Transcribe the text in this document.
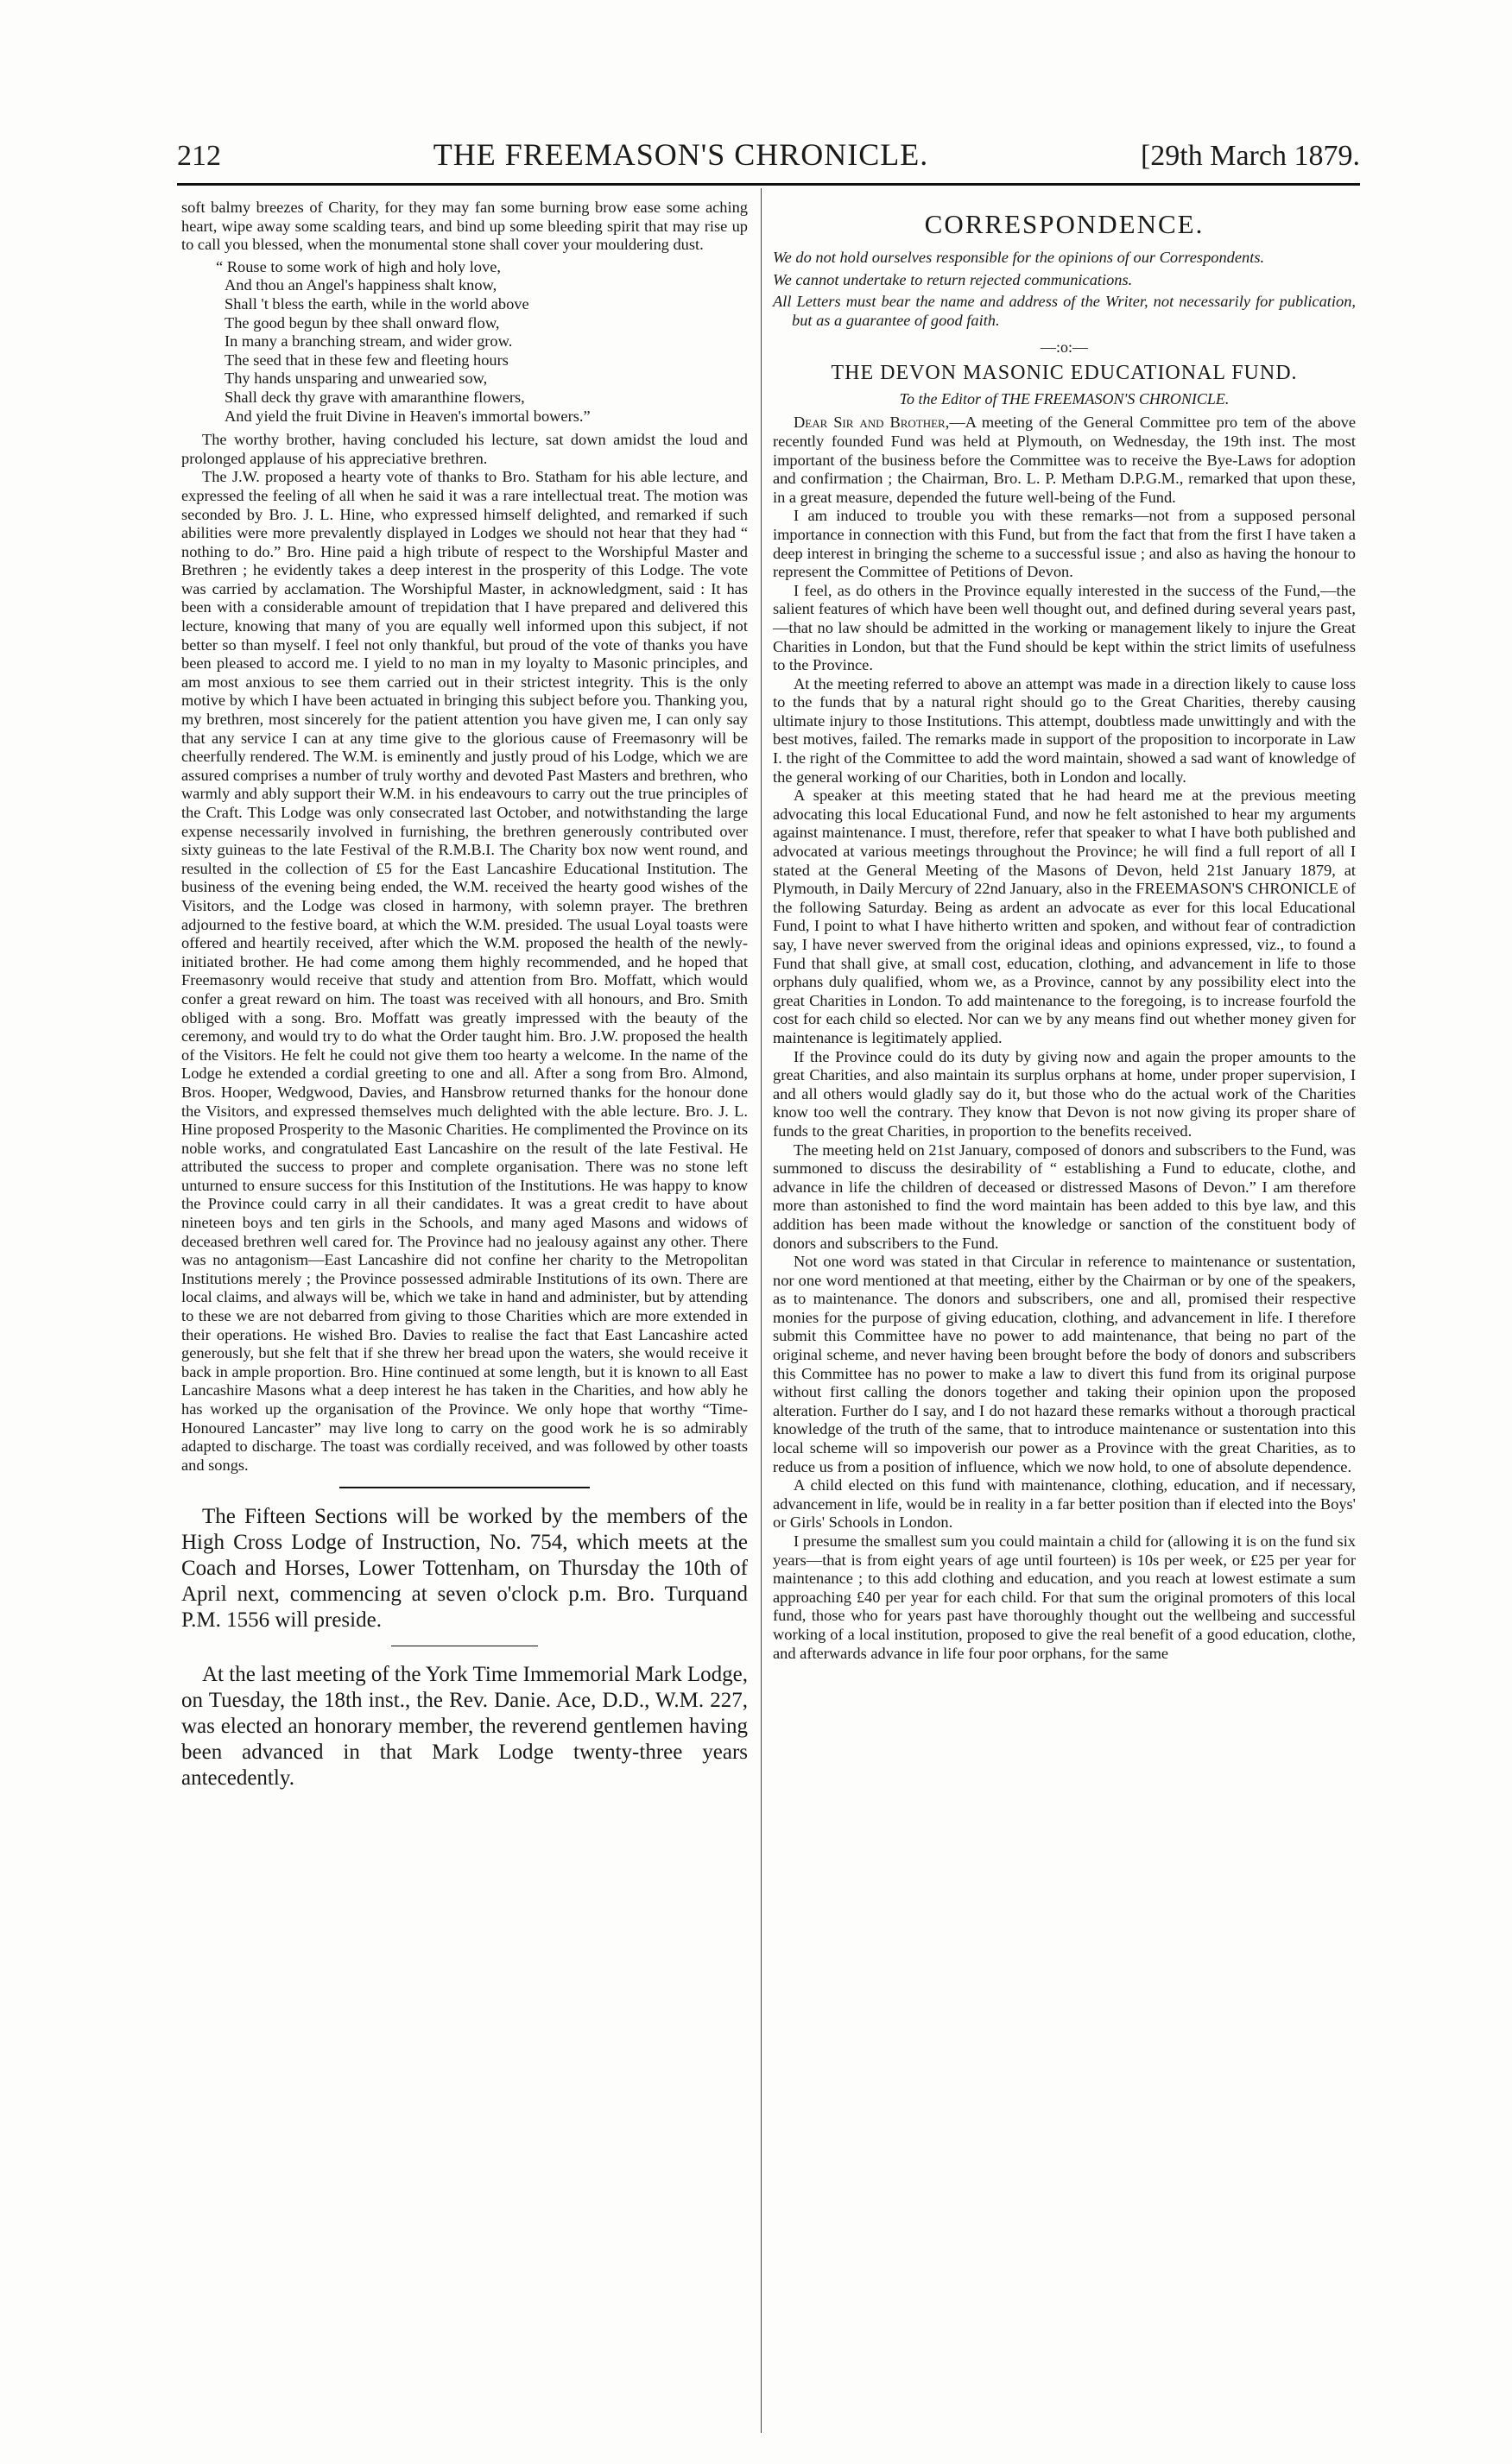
212	THE FREEMASON'S CHRONICLE.	[29th March 1879.

soft balmy breezes of Charity, for they may fan some burning brow ease some aching heart, wipe away some scalding tears, and bind up some bleeding spirit that may rise up to call you blessed, when the monumental stone shall cover your mouldering dust.

“ Rouse to some work of high and holy love,
And thou an Angel's happiness shalt know,
Shall 't bless the earth, while in the world above
The good begun by thee shall onward flow,
In many a branching stream, and wider grow.
The seed that in these few and fleeting hours
Thy hands unsparing and unwearied sow,
Shall deck thy grave with amaranthine flowers,
And yield the fruit Divine in Heaven's immortal bowers.”

The worthy brother, having concluded his lecture, sat down amidst the loud and prolonged applause of his appreciative brethren.

The J.W. proposed a hearty vote of thanks to Bro. Statham for his able lecture, and expressed the feeling of all when he said it was a rare intellectual treat. The motion was seconded by Bro. J. L. Hine, who expressed himself delighted, and remarked if such abilities were more prevalently displayed in Lodges we should not hear that they had “ nothing to do.” Bro. Hine paid a high tribute of respect to the Worshipful Master and Brethren ; he evidently takes a deep interest in the prosperity of this Lodge. The vote was carried by acclamation. The Worshipful Master, in acknowledgment, said : It has been with a considerable amount of trepidation that I have prepared and delivered this lecture, knowing that many of you are equally well informed upon this subject, if not better so than myself. I feel not only thankful, but proud of the vote of thanks you have been pleased to accord me. I yield to no man in my loyalty to Masonic principles, and am most anxious to see them carried out in their strictest integrity. This is the only motive by which I have been actuated in bringing this subject before you. Thanking you, my brethren, most sincerely for the patient attention you have given me, I can only say that any service I can at any time give to the glorious cause of Freemasonry will be cheerfully rendered. The W.M. is eminently and justly proud of his Lodge, which we are assured comprises a number of truly worthy and devoted Past Masters and brethren, who warmly and ably support their W.M. in his endeavours to carry out the true principles of the Craft. This Lodge was only consecrated last October, and notwithstanding the large expense necessarily involved in furnishing, the brethren generously contributed over sixty guineas to the late Festival of the R.M.B.I. The Charity box now went round, and resulted in the collection of £5 for the East Lancashire Educational Institution. The business of the evening being ended, the W.M. received the hearty good wishes of the Visitors, and the Lodge was closed in harmony, with solemn prayer. The brethren adjourned to the festive board, at which the W.M. presided. The usual Loyal toasts were offered and heartily received, after which the W.M. proposed the health of the newly-initiated brother. He had come among them highly recommended, and he hoped that Freemasonry would receive that study and attention from Bro. Moffatt, which would confer a great reward on him. The toast was received with all honours, and Bro. Smith obliged with a song. Bro. Moffatt was greatly impressed with the beauty of the ceremony, and would try to do what the Order taught him. Bro. J.W. proposed the health of the Visitors. He felt he could not give them too hearty a welcome. In the name of the Lodge he extended a cordial greeting to one and all. After a song from Bro. Almond, Bros. Hooper, Wedgwood, Davies, and Hansbrow returned thanks for the honour done the Visitors, and expressed themselves much delighted with the able lecture. Bro. J. L. Hine proposed Prosperity to the Masonic Charities. He complimented the Province on its noble works, and congratulated East Lancashire on the result of the late Festival. He attributed the success to proper and complete organisation. There was no stone left unturned to ensure success for this Institution of the Institutions. He was happy to know the Province could carry in all their candidates. It was a great credit to have about nineteen boys and ten girls in the Schools, and many aged Masons and widows of deceased brethren well cared for. The Province had no jealousy against any other. There was no antagonism—East Lancashire did not confine her charity to the Metropolitan Institutions merely ; the Province possessed admirable Institutions of its own. There are local claims, and always will be, which we take in hand and administer, but by attending to these we are not debarred from giving to those Charities which are more extended in their operations. He wished Bro. Davies to realise the fact that East Lancashire acted generously, but she felt that if she threw her bread upon the waters, she would receive it back in ample proportion. Bro. Hine continued at some length, but it is known to all East Lancashire Masons what a deep interest he has taken in the Charities, and how ably he has worked up the organisation of the Province. We only hope that worthy “Time-Honoured Lancaster” may live long to carry on the good work he is so admirably adapted to discharge. The toast was cordially received, and was followed by other toasts and songs.

The Fifteen Sections will be worked by the members of the High Cross Lodge of Instruction, No. 754, which meets at the Coach and Horses, Lower Tottenham, on Thursday the 10th of April next, commencing at seven o'clock p.m. Bro. Turquand P.M. 1556 will preside.

At the last meeting of the York Time Immemorial Mark Lodge, on Tuesday, the 18th inst., the Rev. Danie. Ace, D.D., W.M. 227, was elected an honorary member, the reverend gentlemen having been advanced in that Mark Lodge twenty-three years antecedently.

CORRESPONDENCE.

We do not hold ourselves responsible for the opinions of our Correspondents.

We cannot undertake to return rejected communications.

All Letters must bear the name and address of the Writer, not necessarily for publication, but as a guarantee of good faith.

—:o:—
THE DEVON MASONIC EDUCATIONAL FUND.
To the Editor of THE FREEMASON'S CHRONICLE.

Dear Sir and Brother,—A meeting of the General Committee pro tem of the above recently founded Fund was held at Plymouth, on Wednesday, the 19th inst. The most important of the business before the Committee was to receive the Bye-Laws for adoption and confirmation ; the Chairman, Bro. L. P. Metham D.P.G.M., remarked that upon these, in a great measure, depended the future well-being of the Fund.

I am induced to trouble you with these remarks—not from a supposed personal importance in connection with this Fund, but from the fact that from the first I have taken a deep interest in bringing the scheme to a successful issue ; and also as having the honour to represent the Committee of Petitions of Devon.

I feel, as do others in the Province equally interested in the success of the Fund,—the salient features of which have been well thought out, and defined during several years past,—that no law should be admitted in the working or management likely to injure the Great Charities in London, but that the Fund should be kept within the strict limits of usefulness to the Province.

At the meeting referred to above an attempt was made in a direction likely to cause loss to the funds that by a natural right should go to the Great Charities, thereby causing ultimate injury to those Institutions. This attempt, doubtless made unwittingly and with the best motives, failed. The remarks made in support of the proposition to incorporate in Law I. the right of the Committee to add the word maintain, showed a sad want of knowledge of the general working of our Charities, both in London and locally.

A speaker at this meeting stated that he had heard me at the previous meeting advocating this local Educational Fund, and now he felt astonished to hear my arguments against maintenance. I must, therefore, refer that speaker to what I have both published and advocated at various meetings throughout the Province; he will find a full report of all I stated at the General Meeting of the Masons of Devon, held 21st January 1879, at Plymouth, in Daily Mercury of 22nd January, also in the FREEMASON'S CHRONICLE of the following Saturday. Being as ardent an advocate as ever for this local Educational Fund, I point to what I have hitherto written and spoken, and without fear of contradiction say, I have never swerved from the original ideas and opinions expressed, viz., to found a Fund that shall give, at small cost, education, clothing, and advancement in life to those orphans duly qualified, whom we, as a Province, cannot by any possibility elect into the great Charities in London. To add maintenance to the foregoing, is to increase fourfold the cost for each child so elected. Nor can we by any means find out whether money given for maintenance is legitimately applied.

If the Province could do its duty by giving now and again the proper amounts to the great Charities, and also maintain its surplus orphans at home, under proper supervision, I and all others would gladly say do it, but those who do the actual work of the Charities know too well the contrary. They know that Devon is not now giving its proper share of funds to the great Charities, in proportion to the benefits received.

The meeting held on 21st January, composed of donors and subscribers to the Fund, was summoned to discuss the desirability of “ establishing a Fund to educate, clothe, and advance in life the children of deceased or distressed Masons of Devon.” I am therefore more than astonished to find the word maintain has been added to this bye law, and this addition has been made without the knowledge or sanction of the constituent body of donors and subscribers to the Fund.

Not one word was stated in that Circular in reference to maintenance or sustentation, nor one word mentioned at that meeting, either by the Chairman or by one of the speakers, as to maintenance. The donors and subscribers, one and all, promised their respective monies for the purpose of giving education, clothing, and advancement in life. I therefore submit this Committee have no power to add maintenance, that being no part of the original scheme, and never having been brought before the body of donors and subscribers this Committee has no power to make a law to divert this fund from its original purpose without first calling the donors together and taking their opinion upon the proposed alteration. Further do I say, and I do not hazard these remarks without a thorough practical knowledge of the truth of the same, that to introduce maintenance or sustentation into this local scheme will so impoverish our power as a Province with the great Charities, as to reduce us from a position of influence, which we now hold, to one of absolute dependence.

A child elected on this fund with maintenance, clothing, education, and if necessary, advancement in life, would be in reality in a far better position than if elected into the Boys' or Girls' Schools in London.

I presume the smallest sum you could maintain a child for (allowing it is on the fund six years—that is from eight years of age until fourteen) is 10s per week, or £25 per year for maintenance ; to this add clothing and education, and you reach at lowest estimate a sum approaching £40 per year for each child. For that sum the original promoters of this local fund, those who for years past have thoroughly thought out the wellbeing and successful working of a local institution, proposed to give the real benefit of a good education, clothe, and afterwards advance in life four poor orphans, for the same
